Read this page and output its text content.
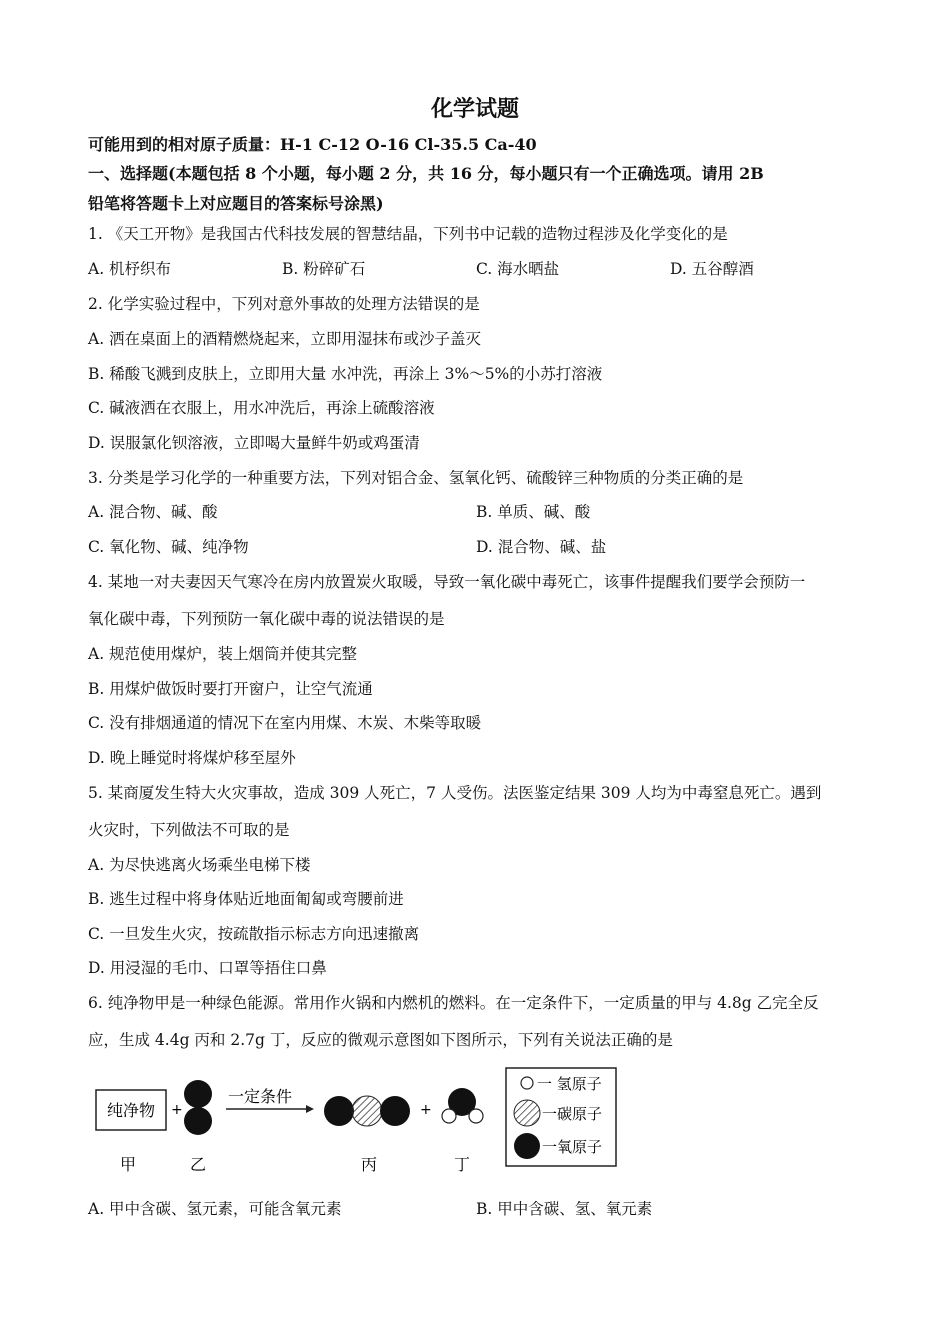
化学试题
可能用到的相对原子质量：H-1 C-12 O-16 Cl-35.5 Ca-40
一、选择题(本题包括 8 个小题，每小题 2 分，共 16 分，每小题只有一个正确选项。请用 2B
铅笔将答题卡上对应题目的答案标号涂黑)
1. 《天工开物》是我国古代科技发展的智慧结晶，下列书中记载的造物过程涉及化学变化的是
A. 机杼织布	B. 粉碎矿石	C. 海水晒盐	D. 五谷醇酒
2. 化学实验过程中，下列对意外事故的处理方法错误的是
A. 洒在桌面上的酒精燃烧起来，立即用湿抹布或沙子盖灭
B. 稀酸飞溅到皮肤上，立即用大量 水冲洗，再涂上 3%～5%的小苏打溶液
C. 碱液洒在衣服上，用水冲洗后，再涂上硫酸溶液
D. 误服氯化钡溶液，立即喝大量鲜牛奶或鸡蛋清
3. 分类是学习化学的一种重要方法，下列对铝合金、氢氧化钙、硫酸锌三种物质的分类正确的是
A. 混合物、碱、酸	B. 单质、碱、酸
C. 氧化物、碱、纯净物	D. 混合物、碱、盐
4. 某地一对夫妻因天气寒冷在房内放置炭火取暖，导致一氧化碳中毒死亡，该事件提醒我们要学会预防一
氧化碳中毒，下列预防一氧化碳中毒的说法错误的是
A. 规范使用煤炉，装上烟筒并使其完整
B. 用煤炉做饭时要打开窗户，让空气流通
C. 没有排烟通道的情况下在室内用煤、木炭、木柴等取暖
D. 晚上睡觉时将煤炉移至屋外
5. 某商厦发生特大火灾事故，造成 309 人死亡，7 人受伤。法医鉴定结果 309 人均为中毒窒息死亡。遇到
火灾时，下列做法不可取的是
A. 为尽快逃离火场乘坐电梯下楼
B. 逃生过程中将身体贴近地面匍匐或弯腰前进
C. 一旦发生火灾，按疏散指示标志方向迅速撤离
D. 用浸湿的毛巾、口罩等捂住口鼻
6. 纯净物甲是一种绿色能源。常用作火锅和内燃机的燃料。在一定条件下，一定质量的甲与 4.8g 乙完全反
应，生成 4.4g 丙和 2.7g 丁，反应的微观示意图如下图所示，下列有关说法正确的是
纯净物 +
一定条件
+
甲	乙	丙	丁
一 氢原子
一碳原子
一氧原子
A. 甲中含碳、氢元素，可能含氧元素	B. 甲中含碳、氢、氧元素
